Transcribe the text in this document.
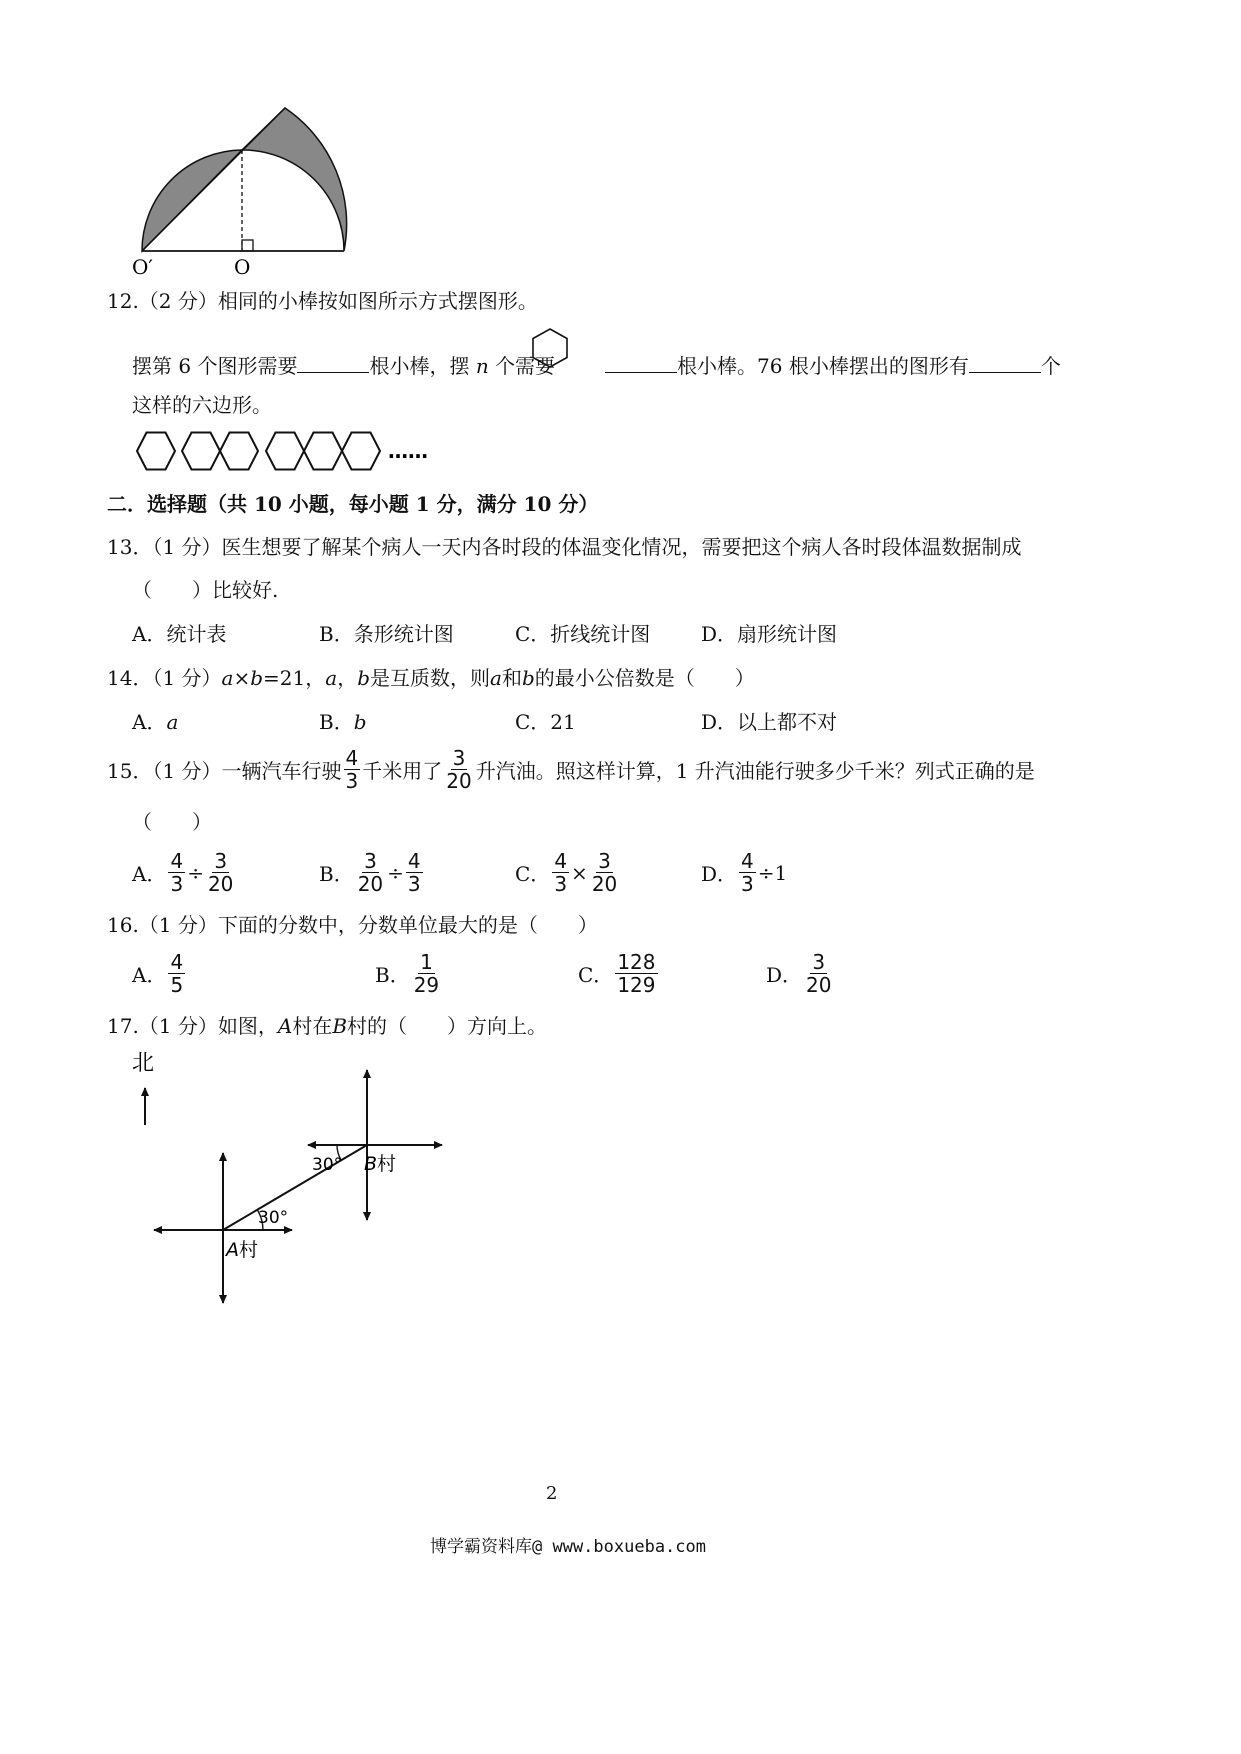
O′	O
12.（2 分）相同的小棒按如图所示方式摆图形。
摆第 6 个图形需要	根小棒，摆 n 个需要	根小棒。76 根小棒摆出的图形有	个
这样的六边形。
……
二．选择题（共 10 小题，每小题 1 分，满分 10 分）
13．（1 分）医生想要了解某个病人一天内各时段的体温变化情况，需要把这个病人各时段体温数据制成
（　　）比较好.
A．统计表	B．条形统计图	C．折线统计图	D．扇形统计图
14．（1 分）a×b=21，a，b是互质数，则a和b的最小公倍数是（　　）
A．a	B．b	C．21	D．以上都不对
15．（1 分）一辆汽车行驶 $\frac{4}{3}$ 千米用了 $\frac{3}{20}$ 升汽油。照这样计算，1 升汽油能行驶多少千米？列式正确的是
（　　）
A． $\frac{4}{3} \div \frac{3}{20}$	B． $\frac{3}{20} \div \frac{4}{3}$	C． $\frac{4}{3} \times \frac{3}{20}$	D． $\frac{4}{3} \div 1$
16.（1 分）下面的分数中，分数单位最大的是（　　）
A． $\frac{4}{5}$	B． $\frac{1}{29}$	C． $\frac{128}{129}$	D． $\frac{3}{20}$
17.（1 分）如图，A村在B村的（　　）方向上。
北
30°
30° B村
A村
2
博学霸资料库@ www.boxueba.com
